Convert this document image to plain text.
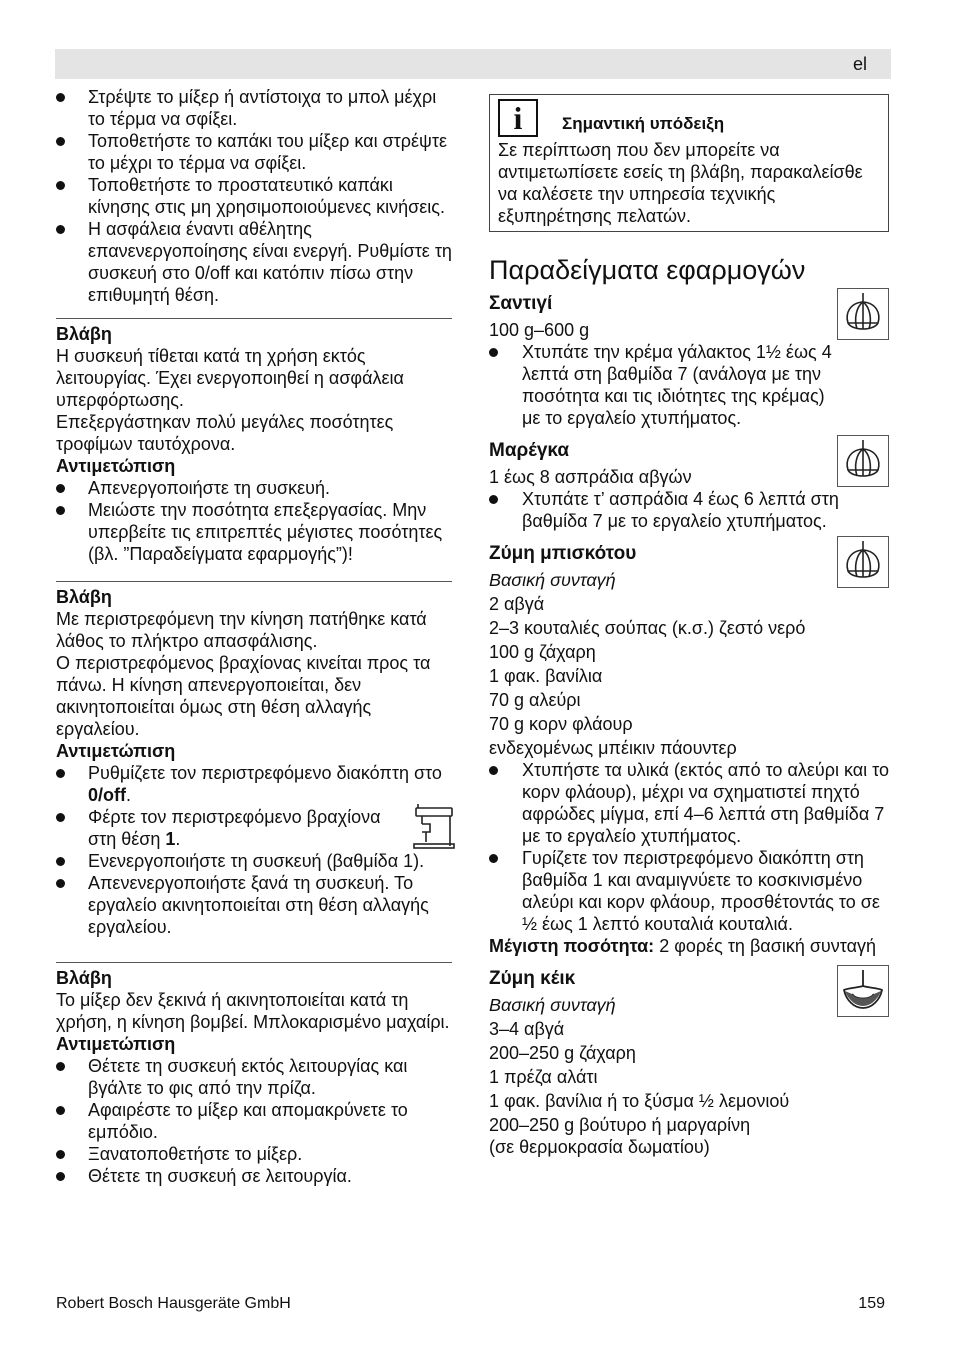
el
Στρέψτε το μίξερ ή αντίστοιχα το μπολ μέχρι το τέρμα να σφίξει.
Τοποθετήστε το καπάκι του μίξερ και στρέψτε το μέχρι το τέρμα να σφίξει.
Τοποθετήστε το προστατευτικό καπάκι κίνησης στις μη χρησιμοποιούμενες κινήσεις.
Η ασφάλεια έναντι αθέλητης επανενεργοποίησης είναι ενεργή. Ρυθμίστε τη συσκευή στο 0/off και κατόπιν πίσω στην επιθυμητή θέση.

Βλάβη

Η συσκευή τίθεται κατά τη χρήση εκτός λειτουργίας. Έχει ενεργοποιηθεί η ασφάλεια υπερφόρτωσης.

Επεξεργάστηκαν πολύ μεγάλες ποσότητες τροφίμων ταυτόχρονα.

Αντιμετώπιση

Απενεργοποιήστε τη συσκευή.
Μειώστε την ποσότητα επεξεργασίας. Μην υπερβείτε τις επιτρεπτές μέγιστες ποσότητες (βλ. ”Παραδείγματα εφαρμογής”)!

Βλάβη

Με περιστρεφόμενη την κίνηση πατήθηκε κατά λάθος το πλήκτρο απασφάλισης.

Ο περιστρεφόμενος βραχίονας κινείται προς τα πάνω. Η κίνηση απενεργοποιείται, δεν ακινητοποιείται όμως στη θέση αλλαγής εργαλείου.

Αντιμετώπιση

Ρυθμίζετε τον περιστρεφόμενο διακόπτη στο 0/off.
Φέρτε τον περιστρεφόμενο βραχίονα στη θέση 1.
Ενενεργοποιήστε τη συσκευή (βαθμίδα 1).
Απενενεργοποιήστε ξανά τη συσκευή. Το εργαλείο ακινητοποιείται στη θέση αλλαγής εργαλείου.

Βλάβη

Το μίξερ δεν ξεκινά ή ακινητοποιείται κατά τη χρήση, η κίνηση βομβεί. Μπλοκαρισμένο μαχαίρι.

Αντιμετώπιση

Θέτετε τη συσκευή εκτός λειτουργίας και βγάλτε το φις από την πρίζα.
Αφαιρέστε το μίξερ και απομακρύνετε το εμπόδιο.
Ξανατοποθετήστε το μίξερ.
Θέτετε τη συσκευή σε λειτουργία.
i	Σημαντική υπόδειξη

Σε περίπτωση που δεν μπορείτε να αντιμετωπίσετε εσείς τη βλάβη, παρακαλείσθε να καλέσετε την υπηρεσία τεχνικής εξυπηρέτησης πελατών.

Παραδείγματα εφαρμογών
Σαντιγί

100 g–600 g

Χτυπάτε την κρέμα γάλακτος 1½ έως 4 λεπτά στη βαθμίδα 7 (ανάλογα με την ποσότητα και τις ιδιότητες της κρέμας) με το εργαλείο χτυπήματος.
Μαρέγκα

1 έως 8 ασπράδια αβγών

Χτυπάτε τ’ ασπράδια 4 έως 6 λεπτά στη βαθμίδα 7 με το εργαλείο χτυπήματος.
Ζύμη μπισκότου

Βασική συνταγή

2 αβγά

2–3 κουταλιές σούπας (κ.σ.) ζεστό νερό

100 g ζάχαρη

1 φακ. βανίλια

70 g αλεύρι

70 g κορν φλάουρ

ενδεχομένως μπέικιν πάουντερ

Χτυπήστε τα υλικά (εκτός από το αλεύρι και το κορν φλάουρ), μέχρι να σχηματιστεί πηχτό αφρώδες μίγμα, επί 4–6 λεπτά στη βαθμίδα 7 με το εργαλείο χτυπήματος.
Γυρίζετε τον περιστρεφόμενο διακόπτη στη βαθμίδα 1 και αναμιγνύετε το κοσκινισμένο αλεύρι και κορν φλάουρ, προσθέτοντάς το σε ½ έως 1 λεπτό κουταλιά κουταλιά.

Μέγιστη ποσότητα: 2 φορές τη βασική συνταγή

Ζύμη κέικ

Βασική συνταγή

3–4 αβγά

200–250 g ζάχαρη

1 πρέζα αλάτι

1 φακ. βανίλια ή το ξύσμα ½ λεμονιού

200–250 g βούτυρο ή μαργαρίνη

(σε θερμοκρασία δωματίου)

Robert Bosch Hausgeräte GmbH	159
